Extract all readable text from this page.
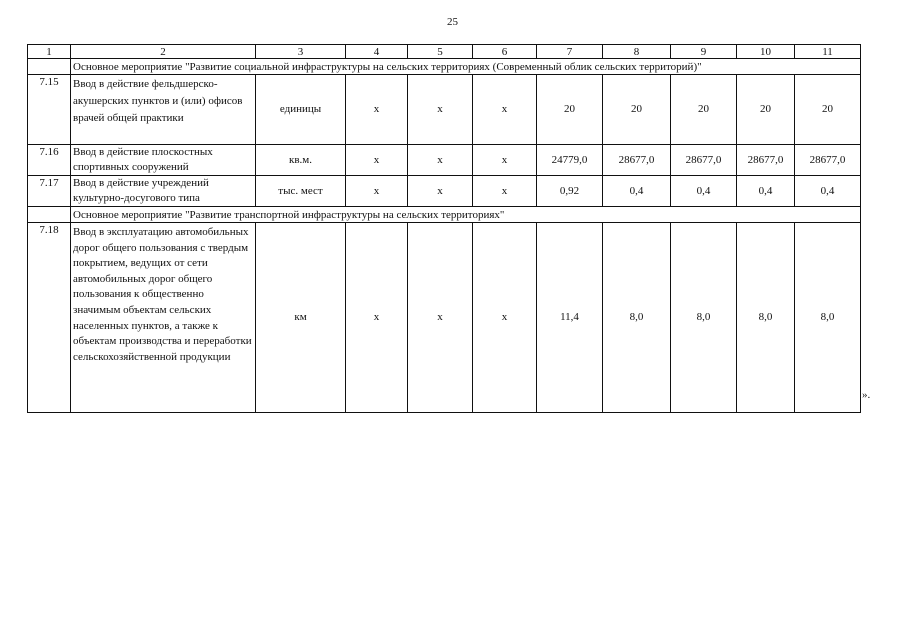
25
1	2	3	4	5	6	7	8	9	10	11
	Основное мероприятие "Развитие социальной инфраструктуры на сельских территориях (Современный облик сельских территорий)"									
7.15	Ввод в действие фельдшерско-акушерских пунктов и (или) офисов врачей общей практики	единицы	х	х	х	20	20	20	20	20
7.16	Ввод в действие плоскостных спортивных сооружений	кв.м.	х	х	х	24779,0	28677,0	28677,0	28677,0	28677,0
7.17	Ввод в действие учреждений культурно-досугового типа	тыс. мест	х	х	х	0,92	0,4	0,4	0,4	0,4
	Основное мероприятие "Развитие транспортной инфраструктуры на сельских территориях"									
7.18	Ввод в эксплуатацию автомобильных дорог общего пользования с твердым покрытием, ведущих от сети автомобильных дорог общего пользования к общественно значимым объектам сельских населенных пунктов, а также к объектам производства и переработки сельскохозяйственной продукции	км	х	х	х	11,4	8,0	8,0	8,0	8,0
».
